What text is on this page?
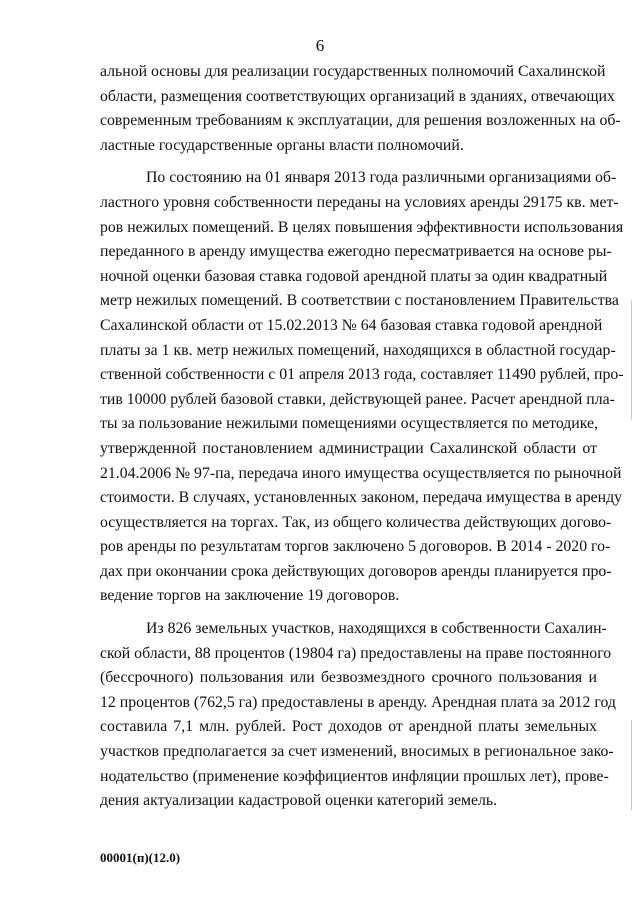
6
альной основы для реализации государственных полномочий Сахалинской
области, размещения соответствующих организаций в зданиях, отвечающих
современным требованиям к эксплуатации, для решения возложенных на об-
ластные государственные органы власти полномочий.
По состоянию на 01 января 2013 года различными организациями об-
ластного уровня собственности переданы на условиях аренды 29175 кв. мет-
ров нежилых помещений. В целях повышения эффективности использования
переданного в аренду имущества ежегодно пересматривается на основе ры-
ночной оценки базовая ставка годовой арендной платы за один квадратный
метр нежилых помещений. В соответствии с постановлением Правительства
Сахалинской области от 15.02.2013 № 64 базовая ставка годовой арендной
платы за 1 кв. метр нежилых помещений, находящихся в областной государ-
ственной собственности с 01 апреля 2013 года, составляет 11490 рублей, про-
тив 10000 рублей базовой ставки, действующей ранее. Расчет арендной пла-
ты за пользование нежилыми помещениями осуществляется по методике,
утвержденной постановлением администрации Сахалинской области от
21.04.2006 № 97-па, передача иного имущества осуществляется по рыночной
стоимости. В случаях, установленных законом, передача имущества в аренду
осуществляется на торгах. Так, из общего количества действующих догово-
ров аренды по результатам торгов заключено 5 договоров. В 2014 - 2020 го-
дах при окончании срока действующих договоров аренды планируется про-
ведение торгов на заключение 19 договоров.
Из 826 земельных участков, находящихся в собственности Сахалин-
ской области, 88 процентов (19804 га) предоставлены на праве постоянного
(бессрочного) пользования или безвозмездного срочного пользования и
12 процентов (762,5 га) предоставлены в аренду. Арендная плата за 2012 год
составила 7,1 млн. рублей. Рост доходов от арендной платы земельных
участков предполагается за счет изменений, вносимых в региональное зако-
нодательство (применение коэффициентов инфляции прошлых лет), прове-
дения актуализации кадастровой оценки категорий земель.
00001(п)(12.0)
